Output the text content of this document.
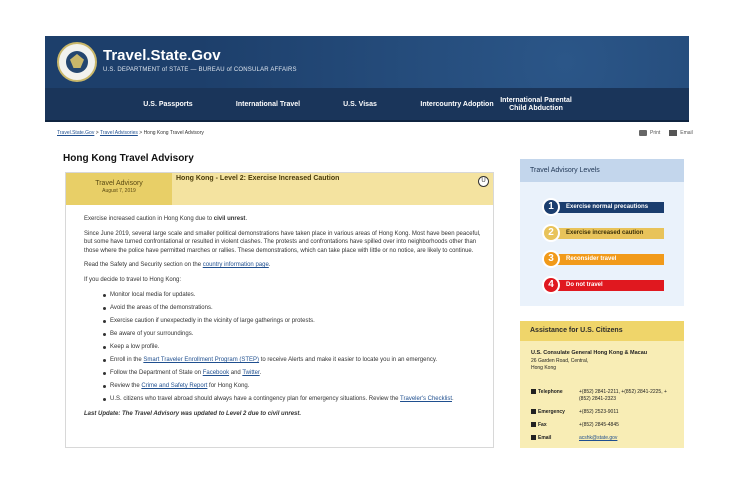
Travel.State.Gov
U.S. DEPARTMENT of STATE — BUREAU of CONSULAR AFFAIRS
U.S. Passports	International Travel	U.S. Visas	Intercountry Adoption
International Parental Child Abduction
Travel.State.Gov > Travel Advisories > Hong Kong Travel Advisory	Print	Email
Hong Kong Travel Advisory
Travel Advisory
August 7, 2019
Hong Kong - Level 2: Exercise Increased Caution	U

Exercise increased caution in Hong Kong due to civil unrest.

Since June 2019, several large scale and smaller political demonstrations have taken place in various areas of Hong Kong. Most have been peaceful, but some have turned confrontational or resulted in violent clashes. The protests and confrontations have spilled over into neighborhoods other than those where the police have permitted marches or rallies. These demonstrations, which can take place with little or no notice, are likely to continue.

Read the Safety and Security section on the country information page.

If you decide to travel to Hong Kong:

Monitor local media for updates.
Avoid the areas of the demonstrations.
Exercise caution if unexpectedly in the vicinity of large gatherings or protests.
Be aware of your surroundings.
Keep a low profile.
Enroll in the Smart Traveler Enrollment Program (STEP) to receive Alerts and make it easier to locate you in an emergency.
Follow the Department of State on Facebook and Twitter.
Review the Crime and Safety Report for Hong Kong.
U.S. citizens who travel abroad should always have a contingency plan for emergency situations. Review the Traveler's Checklist.

Last Update: The Travel Advisory was updated to Level 2 due to civil unrest.

Travel Advisory Levels
Exercise normal precautions
1
Exercise increased caution
2
Reconsider travel
3
Do not travel
4
Assistance for U.S. Citizens
U.S. Consulate General Hong Kong & Macau
26 Garden Road, Central,
Hong Kong
Telephone	+(852) 2841-2211, +(852) 2841-2225, +(852) 2841-2323
Emergency	+(852) 2523-9011
Fax	+(852) 2845-4845
Email	acshk@state.gov
